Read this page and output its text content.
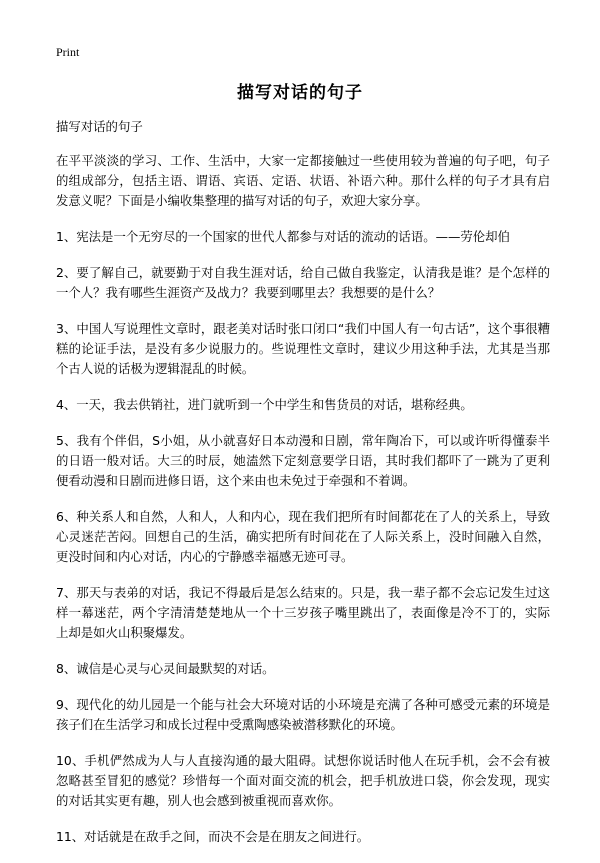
Print
描写对话的句子

描写对话的句子

在平平淡淡的学习、工作、生活中，大家一定都接触过一些使用较为普遍的句子吧，句子的组成部分，包括主语、谓语、宾语、定语、状语、补语六种。那什么样的句子才具有启发意义呢？下面是小编收集整理的描写对话的句子，欢迎大家分享。

1、宪法是一个无穷尽的一个国家的世代人都参与对话的流动的话语。——劳伦却伯

2、要了解自己，就要勤于对自我生涯对话，给自己做自我鉴定，认清我是谁？是个怎样的一个人？我有哪些生涯资产及战力？我要到哪里去？我想要的是什么？

3、中国人写说理性文章时，跟老美对话时张口闭口“我们中国人有一句古话”，这个事很糟糕的论证手法，是没有多少说服力的。些说理性文章时，建议少用这种手法，尤其是当那个古人说的话极为逻辑混乱的时候。

4、一天，我去供销社，进门就听到一个中学生和售货员的对话，堪称经典。

5、我有个伴侣，S小姐，从小就喜好日本动漫和日剧，常年陶冶下，可以或许听得懂泰半的日语一般对话。大三的时辰，她溘然下定刻意要学日语，其时我们都吓了一跳为了更利便看动漫和日剧而进修日语，这个来由也未免过于牵强和不着调。

6、种关系人和自然，人和人，人和内心，现在我们把所有时间都花在了人的关系上，导致心灵迷茫苦闷。回想自己的生活，确实把所有时间花在了人际关系上，没时间融入自然，更没时间和内心对话，内心的宁静感幸福感无迹可寻。

7、那天与表弟的对话，我记不得最后是怎么结束的。只是，我一辈子都不会忘记发生过这样一幕迷茫，两个字清清楚楚地从一个十三岁孩子嘴里跳出了，表面像是冷不丁的，实际上却是如火山积聚爆发。

8、诚信是心灵与心灵间最默契的对话。

9、现代化的幼儿园是一个能与社会大环境对话的小环境是充满了各种可感受元素的环境是孩子们在生活学习和成长过程中受熏陶感染被潜移默化的环境。

10、手机俨然成为人与人直接沟通的最大阻碍。试想你说话时他人在玩手机，会不会有被忽略甚至冒犯的感觉？珍惜每一个面对面交流的机会，把手机放进口袋，你会发现，现实的对话其实更有趣，别人也会感到被重视而喜欢你。

11、对话就是在敌手之间，而决不会是在朋友之间进行。
